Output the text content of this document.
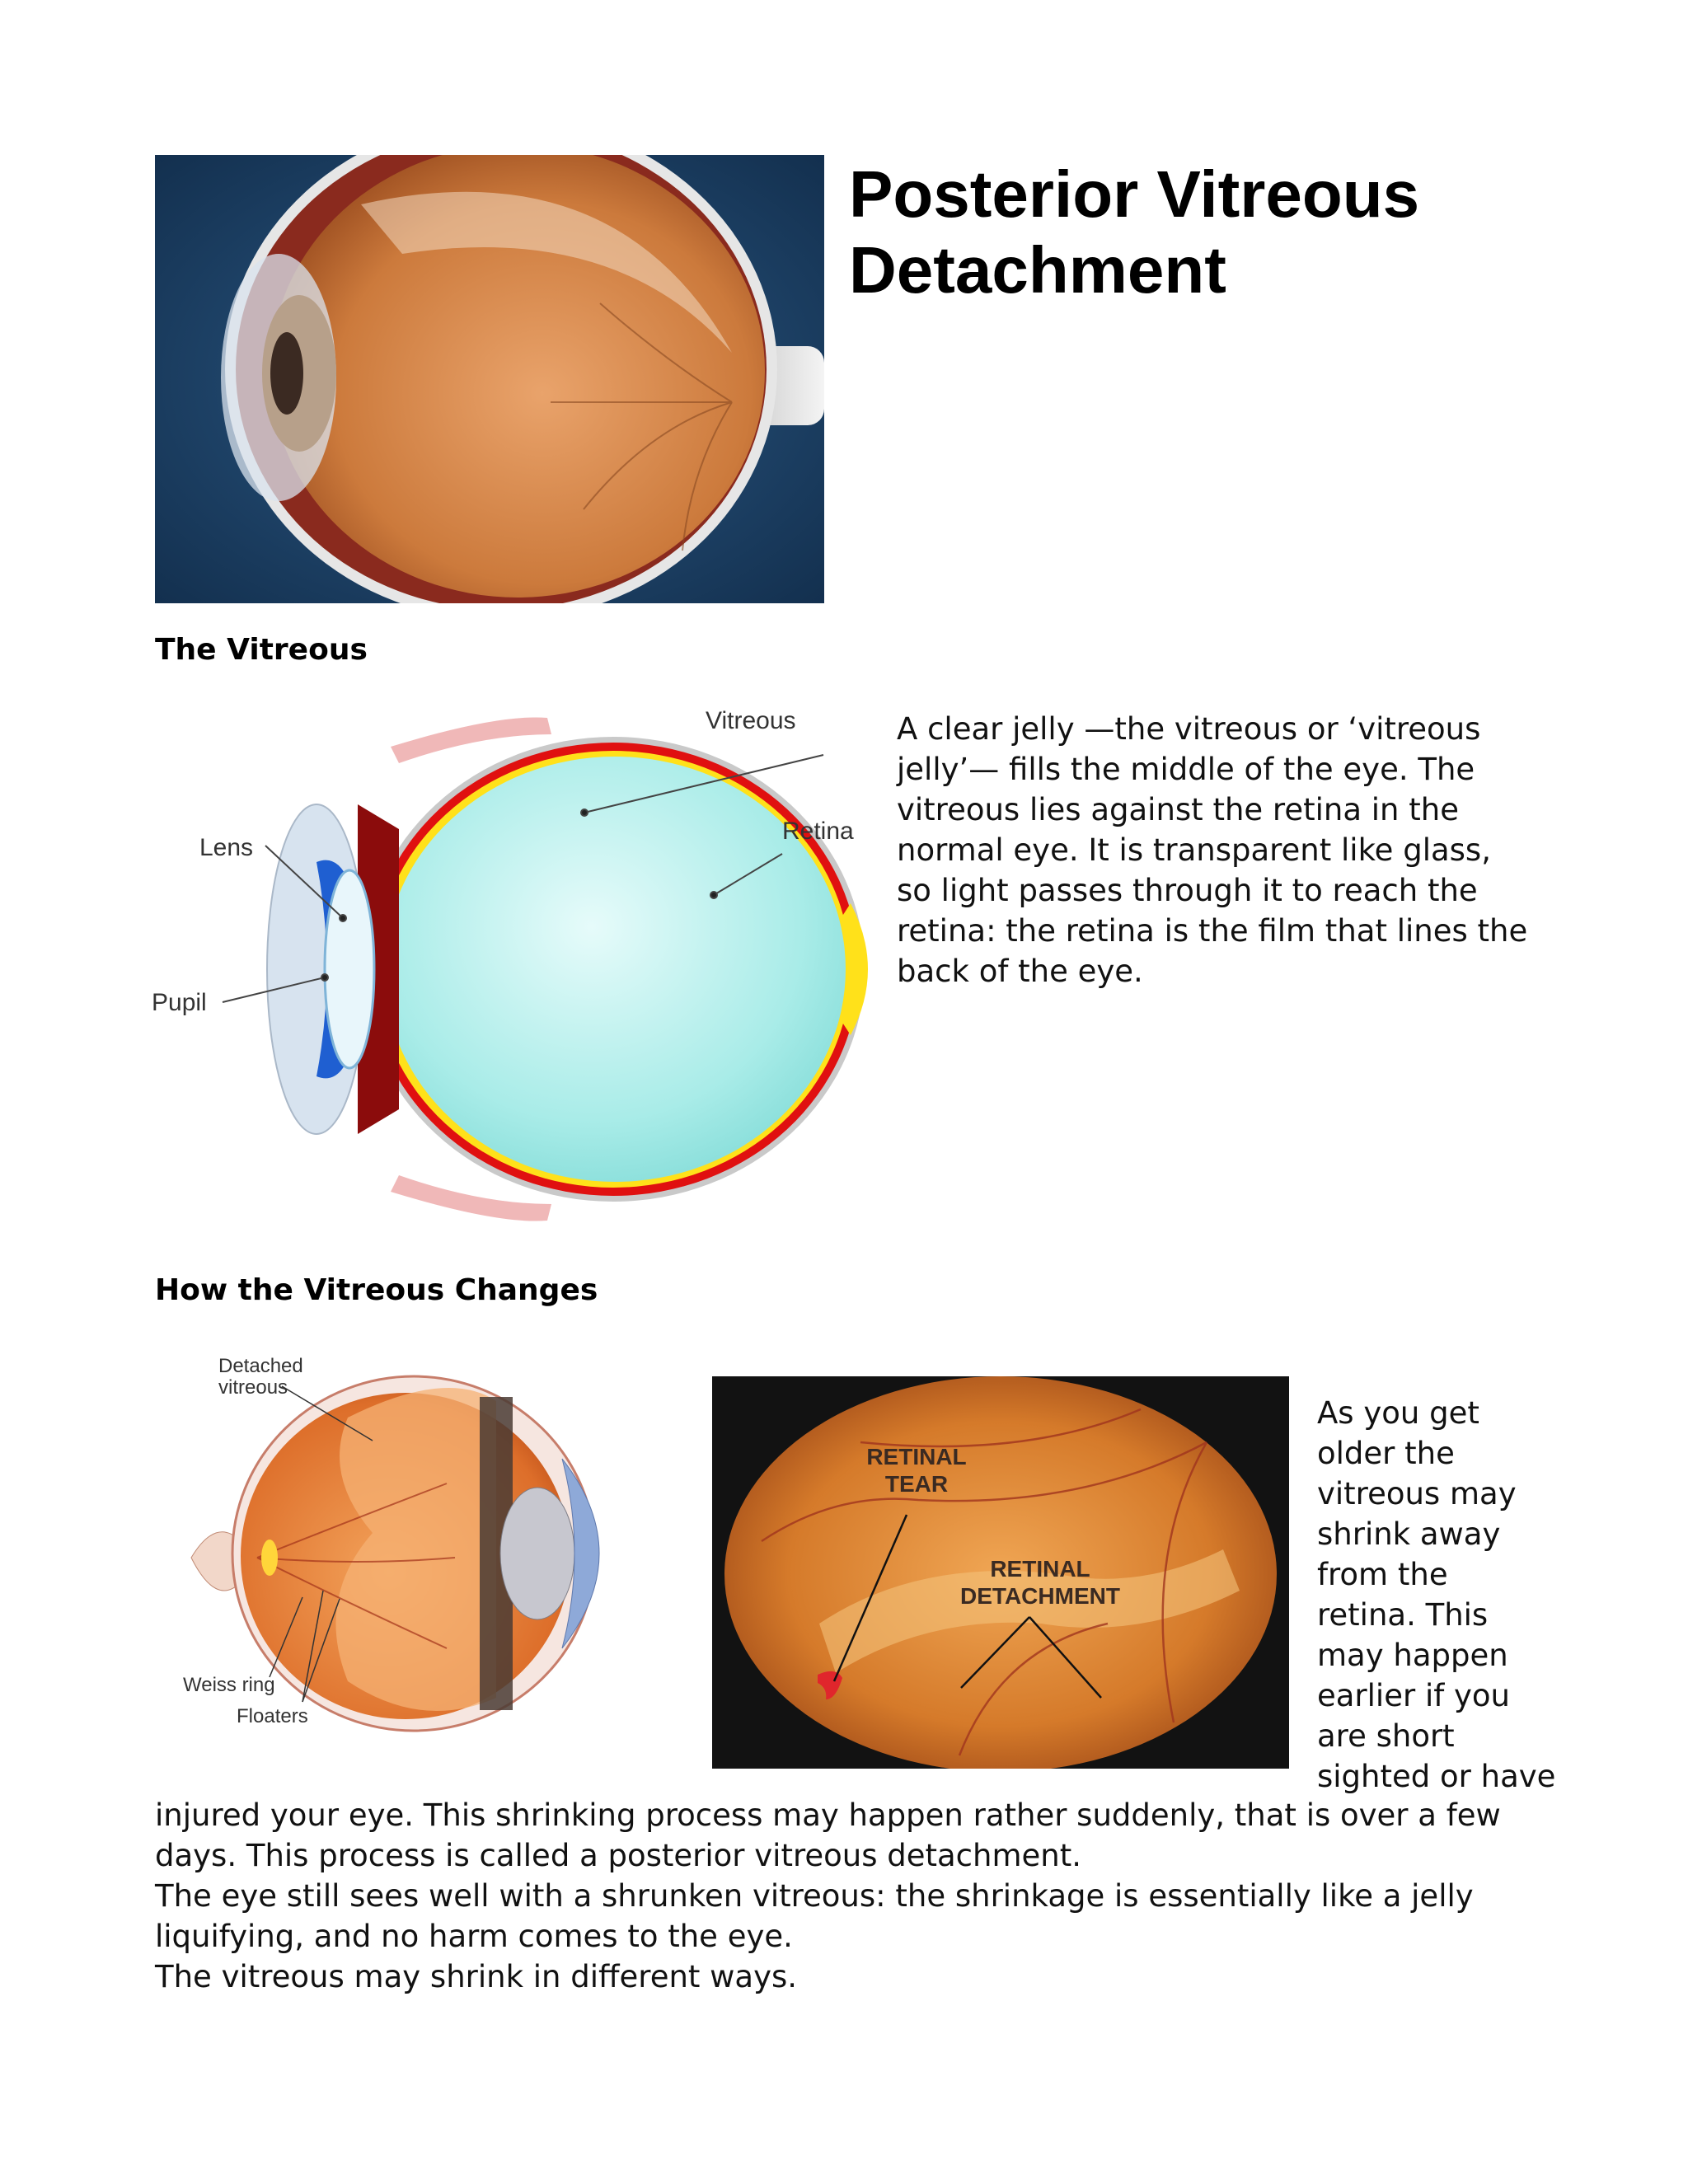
Posterior Vitreous Detachment
The Vitreous
Vitreous
Retina
Lens
Pupil

A clear jelly —the vitreous or ‘vitreous jelly’— fills the middle of the eye. The vitreous lies against the retina in the normal eye. It is transparent like glass, so light passes through it to reach the retina: the retina is the film that lines the back of the eye.

How the Vitreous Changes
Detached
vitreous
Weiss ring
Floaters
RETINAL
TEAR
RETINAL
DETACHMENT

As you get

older the

vitreous may

shrink away

from the

retina. This

may happen

earlier if you

are short

sighted or have

injured your eye. This shrinking process may happen rather suddenly, that is over a few days. This process is called a posterior vitreous detachment.

The eye still sees well with a shrunken vitreous: the shrinkage is essentially like a jelly liquifying, and no harm comes to the eye.

The vitreous may shrink in different ways.
